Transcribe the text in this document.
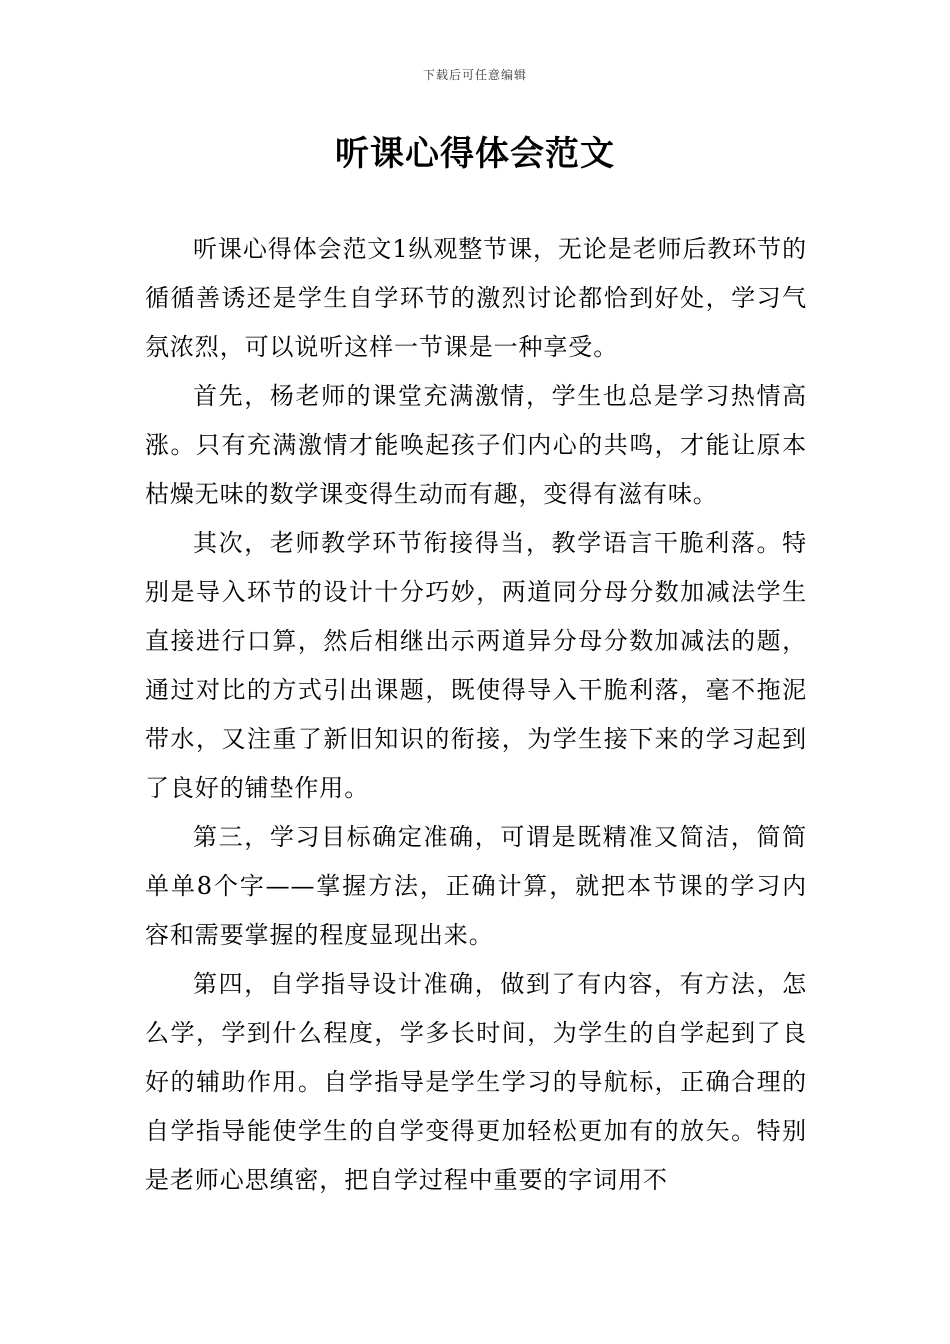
下载后可任意编辑
听课心得体会范文

听课心得体会范文1纵观整节课，无论是老师后教环节的循循善诱还是学生自学环节的激烈讨论都恰到好处，学习气氛浓烈，可以说听这样一节课是一种享受。

首先，杨老师的课堂充满激情，学生也总是学习热情高涨。只有充满激情才能唤起孩子们内心的共鸣，才能让原本枯燥无味的数学课变得生动而有趣，变得有滋有味。

其次，老师教学环节衔接得当，教学语言干脆利落。特别是导入环节的设计十分巧妙，两道同分母分数加减法学生直接进行口算，然后相继出示两道异分母分数加减法的题，通过对比的方式引出课题，既使得导入干脆利落，毫不拖泥带水，又注重了新旧知识的衔接，为学生接下来的学习起到了良好的铺垫作用。

第三，学习目标确定准确，可谓是既精准又简洁，简简单单8个字——掌握方法，正确计算，就把本节课的学习内容和需要掌握的程度显现出来。

第四，自学指导设计准确，做到了有内容，有方法，怎么学，学到什么程度，学多长时间，为学生的自学起到了良好的辅助作用。自学指导是学生学习的导航标，正确合理的自学指导能使学生的自学变得更加轻松更加有的放矢。特别是老师心思缜密，把自学过程中重要的字词用不
